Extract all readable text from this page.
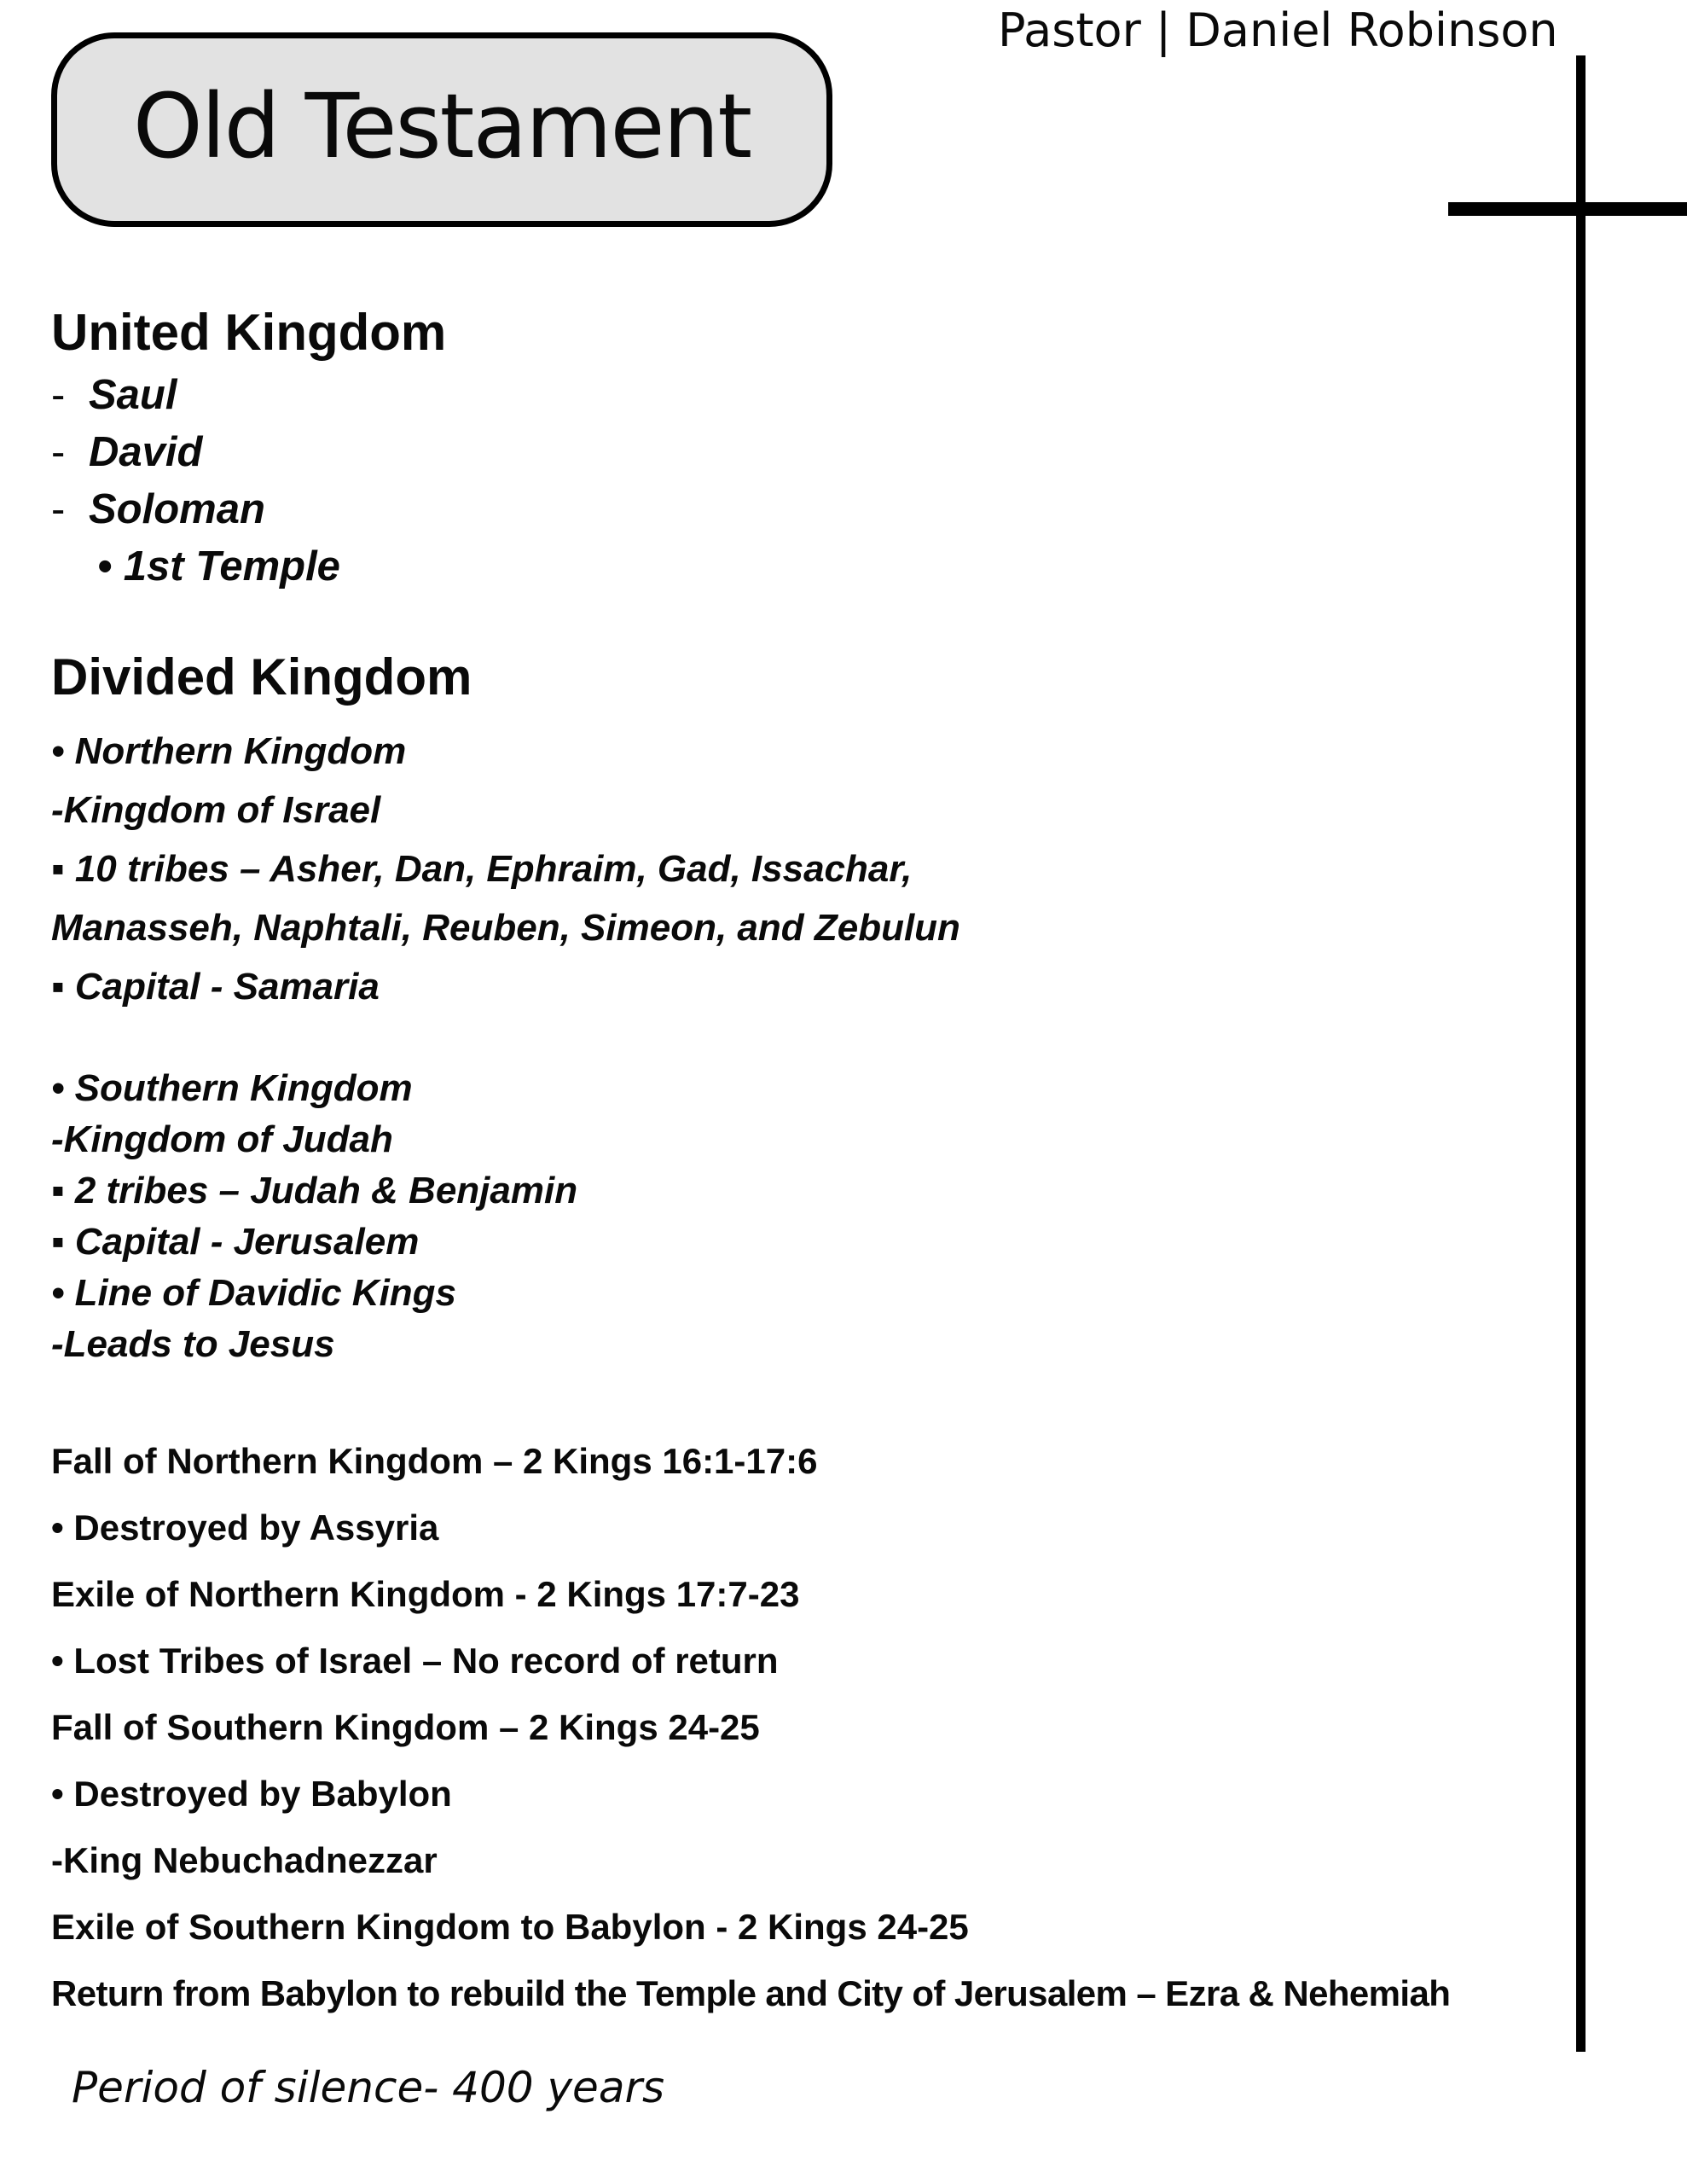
Pastor | Daniel Robinson
Old Testament
United Kingdom
- Saul
- David
- Soloman
• 1st Temple
Divided Kingdom
• Northern Kingdom
-Kingdom of Israel
▪ 10 tribes – Asher, Dan, Ephraim, Gad, Issachar,
Manasseh, Naphtali, Reuben, Simeon, and Zebulun
▪ Capital - Samaria
• Southern Kingdom
-Kingdom of Judah
▪ 2 tribes – Judah & Benjamin
▪ Capital - Jerusalem
• Line of Davidic Kings
-Leads to Jesus
Fall of Northern Kingdom – 2 Kings 16:1-17:6
• Destroyed by Assyria
Exile of Northern Kingdom - 2 Kings 17:7-23
• Lost Tribes of Israel – No record of return
Fall of Southern Kingdom – 2 Kings 24-25
• Destroyed by Babylon
-King Nebuchadnezzar
Exile of Southern Kingdom to Babylon - 2 Kings 24-25
Return from Babylon to rebuild the Temple and City of Jerusalem – Ezra & Nehemiah
Period of silence- 400 years
